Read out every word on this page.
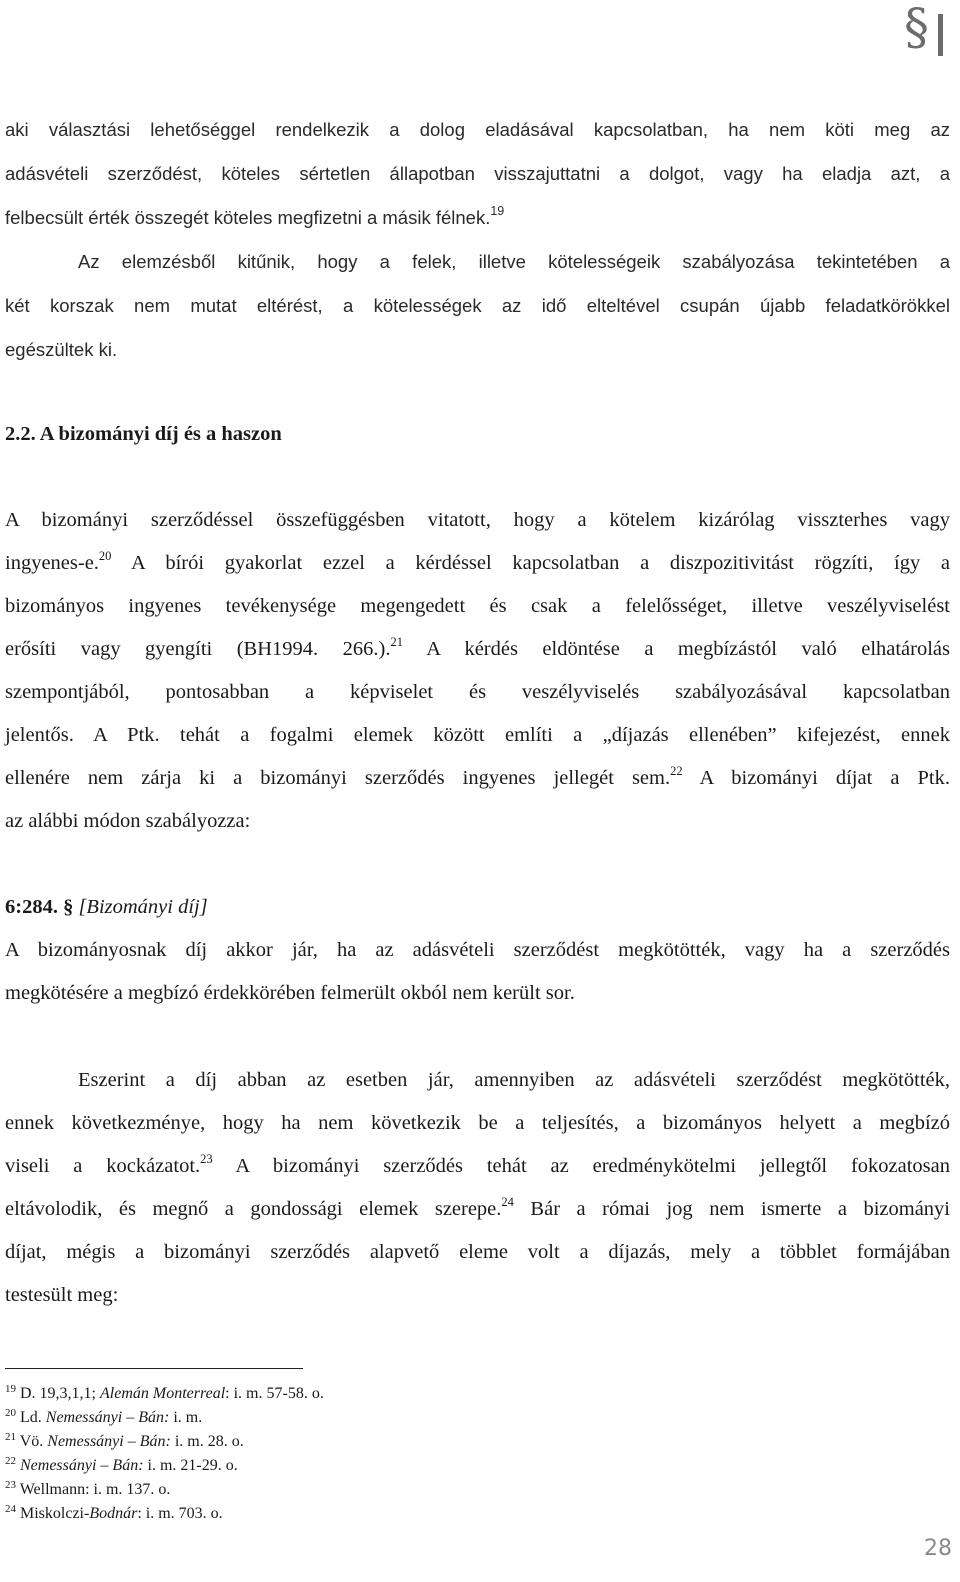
§
aki választási lehetőséggel rendelkezik a dolog eladásával kapcsolatban, ha nem köti meg az
adásvételi szerződést, köteles sértetlen állapotban visszajuttatni a dolgot, vagy ha eladja azt, a
felbecsült érték összegét köteles megfizetni a másik félnek.$^{19}$
Az elemzésből kitűnik, hogy a felek, illetve kötelességeik szabályozása tekintetében a
két korszak nem mutat eltérést, a kötelességek az idő elteltével csupán újabb feladatkörökkel
egészültek ki.
2.2. A bizományi díj és a haszon
A bizományi szerződéssel összefüggésben vitatott, hogy a kötelem kizárólag visszterhes vagy
ingyenes-e.$^{20}$ A bírói gyakorlat ezzel a kérdéssel kapcsolatban a diszpozitivitást rögzíti, így a
bizományos ingyenes tevékenysége megengedett és csak a felelősséget, illetve veszélyviselést
erősíti vagy gyengíti (BH1994. 266.).$^{21}$ A kérdés eldöntése a megbízástól való elhatárolás
szempontjából, pontosabban a képviselet és veszélyviselés szabályozásával kapcsolatban
jelentős. A Ptk. tehát a fogalmi elemek között említi a „díjazás ellenében” kifejezést, ennek
ellenére nem zárja ki a bizományi szerződés ingyenes jellegét sem.$^{22}$ A bizományi díjat a Ptk.
az alábbi módon szabályozza:
6:284. § [Bizományi díj]
A bizományosnak díj akkor jár, ha az adásvételi szerződést megkötötték, vagy ha a szerződés
megkötésére a megbízó érdekkörében felmerült okból nem került sor.
Eszerint a díj abban az esetben jár, amennyiben az adásvételi szerződést megkötötték,
ennek következménye, hogy ha nem következik be a teljesítés, a bizományos helyett a megbízó
viseli a kockázatot.$^{23}$ A bizományi szerződés tehát az eredménykötelmi jellegtől fokozatosan
eltávolodik, és megnő a gondossági elemek szerepe.$^{24}$ Bár a római jog nem ismerte a bizományi
díjat, mégis a bizományi szerződés alapvető eleme volt a díjazás, mely a többlet formájában
testesült meg:
$^{19}$ D. 19,3,1,1; Alemán Monterreal: i. m. 57-58. o.
$^{20}$ Ld. Nemessányi – Bán: i. m.
$^{21}$ Vö. Nemessányi – Bán: i. m. 28. o.
$^{22}$ Nemessányi – Bán: i. m. 21-29. o.
$^{23}$ Wellmann: i. m. 137. o.
$^{24}$ Miskolczi-Bodnár: i. m. 703. o.
28
